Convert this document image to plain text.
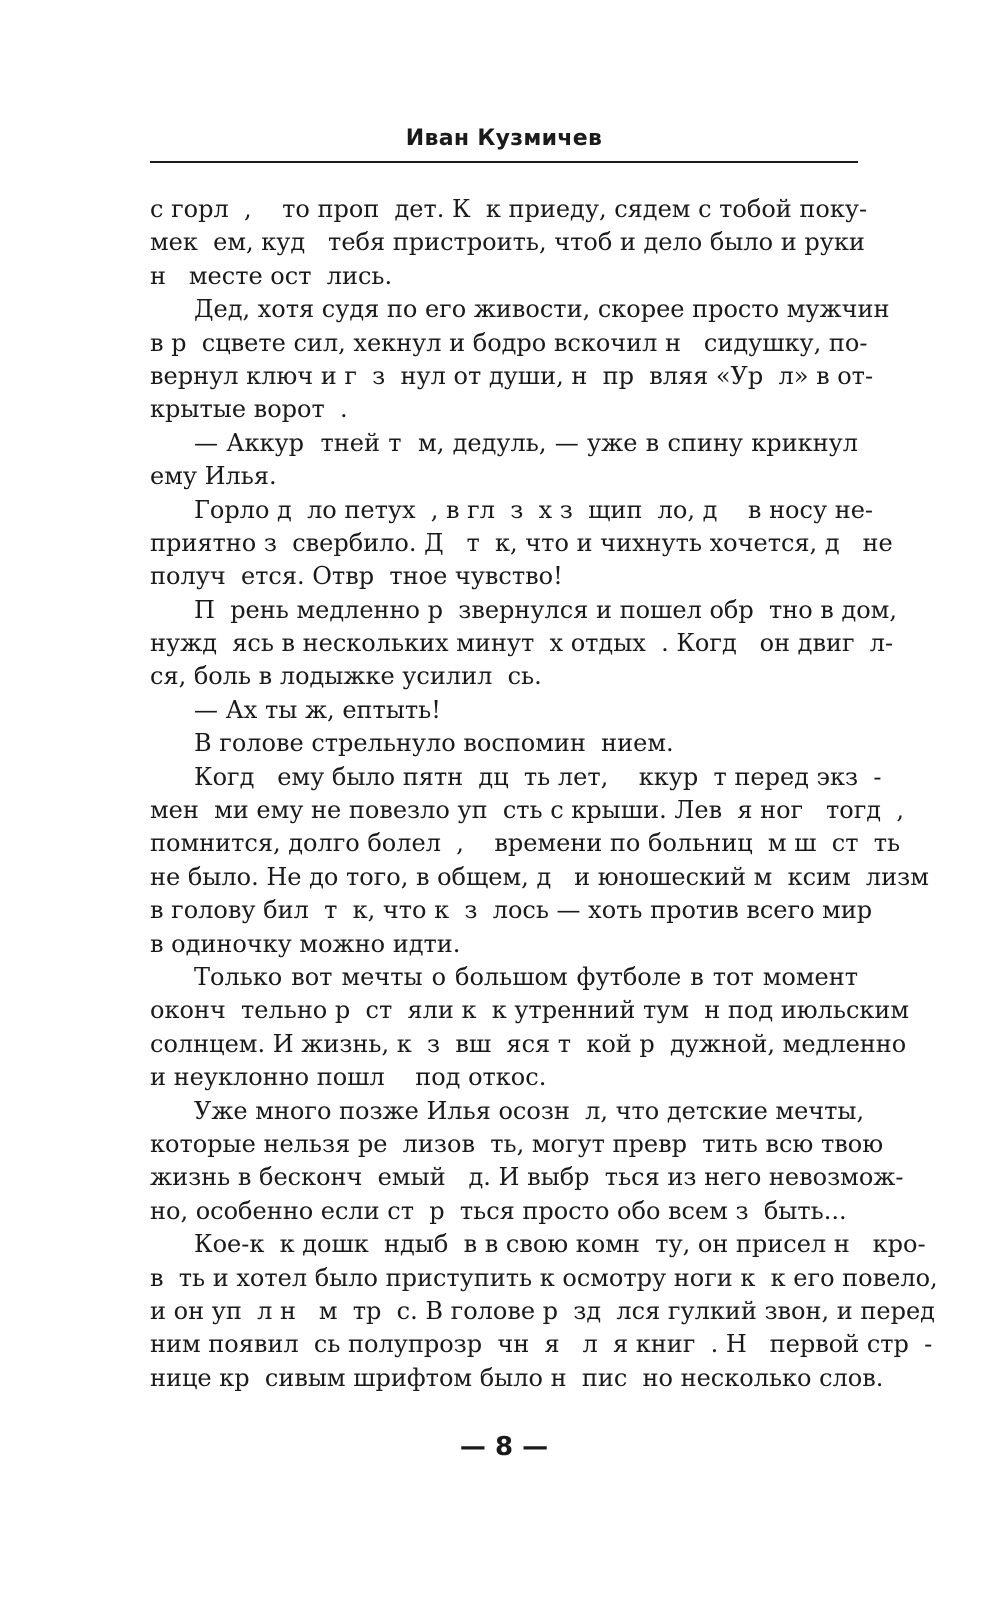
Иван Кузмичев
с горл  ,    то проп  дет. К  к приеду, сядем с тобой поку-
мек  ем, куд   тебя пристроить, чтоб и дело было и руки
н   месте ост  лись.
Дед, хотя судя по его живости, скорее просто мужчин
в р  сцвете сил, хекнул и бодро вскочил н   сидушку, по-
вернул ключ и г  з  нул от души, н  пр  вляя «Ур  л» в от-
крытые ворот  .
— Аккур  тней т  м, дедуль, — уже в спину крикнул
ему Илья.
Горло д  ло петух  , в гл  з  х з  щип  ло, д    в носу не-
приятно з  свербило. Д   т  к, что и чихнуть хочется, д   не
получ  ется. Отвр  тное чувство!
П  рень медленно р  звернулся и пошел обр  тно в дом,
нужд  ясь в нескольких минут  х отдых  . Когд   он двиг  л-
ся, боль в лодыжке усилил  сь.
— Ах ты ж, ептыть!
В голове стрельнуло воспомин  нием.
Когд   ему было пятн  дц  ть лет,    ккур  т перед экз  -
мен  ми ему не повезло уп  сть с крыши. Лев  я ног   тогд  ,
помнится, долго болел  ,    времени по больниц  м ш  ст  ть
не было. Не до того, в общем, д   и юношеский м  ксим  лизм
в голову бил  т  к, что к  з  лось — хоть против всего мир
в одиночку можно идти.
Только вот мечты о большом футболе в тот момент
оконч  тельно р  ст  яли к  к утренний тум  н под июльским
солнцем. И жизнь, к  з  вш  яся т  кой р  дужной, медленно
и неуклонно пошл    под откос.
Уже много позже Илья осозн  л, что детские мечты,
которые нельзя ре  лизов  ть, могут превр  тить всю твою
жизнь в бесконч  емый   д. И выбр  ться из него невозмож-
но, особенно если ст  р  ться просто обо всем з  быть...
Кое-к  к дошк  ндыб  в в свою комн  ту, он присел н   кро-
в  ть и хотел было приступить к осмотру ноги к  к его повело,
и он уп  л н   м  тр  с. В голове р  зд  лся гулкий звон, и перед
ним появил  сь полупрозр  чн  я   л  я книг  . Н   первой стр  -
нице кр  сивым шрифтом было н  пис  но несколько слов.
— 8 —
